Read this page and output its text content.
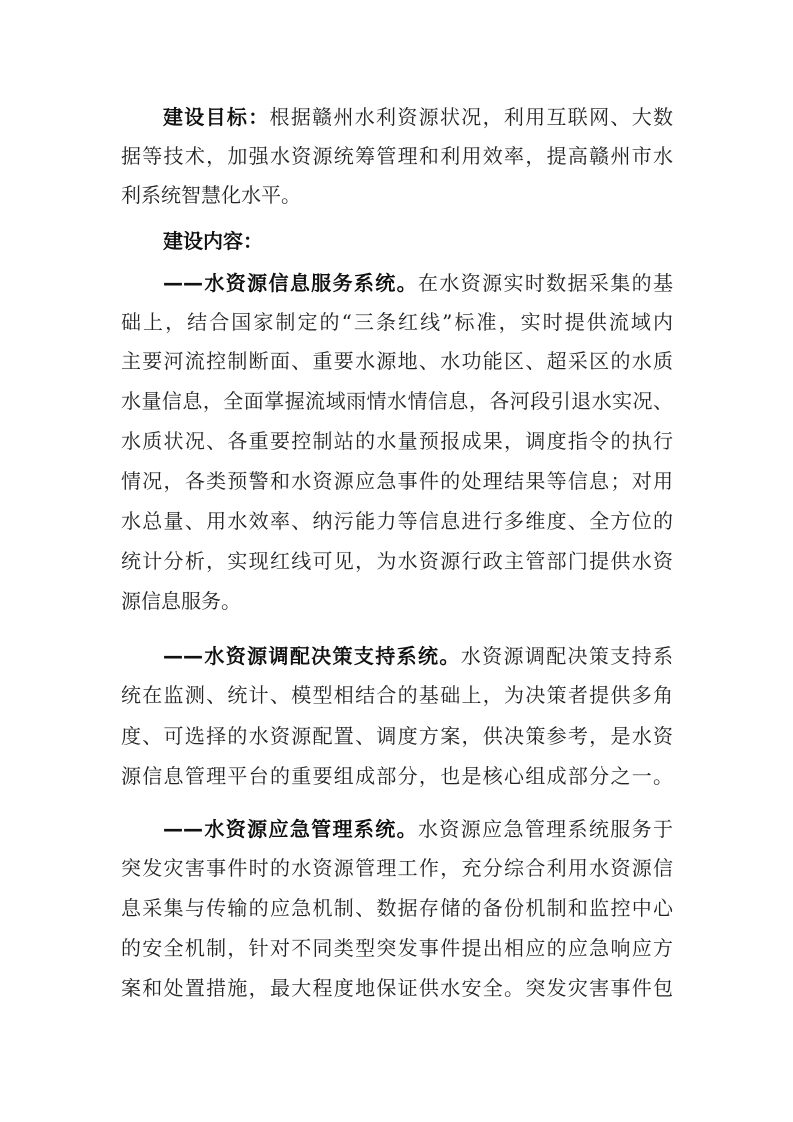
建设目标：根据赣州水利资源状况，利用互联网、大数
据等技术，加强水资源统筹管理和利用效率，提高赣州市水
利系统智慧化水平。
建设内容：
——水资源信息服务系统。在水资源实时数据采集的基
础上，结合国家制定的“三条红线”标准，实时提供流域内
主要河流控制断面、重要水源地、水功能区、超采区的水质
水量信息，全面掌握流域雨情水情信息，各河段引退水实况、
水质状况、各重要控制站的水量预报成果，调度指令的执行
情况，各类预警和水资源应急事件的处理结果等信息；对用
水总量、用水效率、纳污能力等信息进行多维度、全方位的
统计分析，实现红线可见，为水资源行政主管部门提供水资
源信息服务。
——水资源调配决策支持系统。水资源调配决策支持系
统在监测、统计、模型相结合的基础上，为决策者提供多角
度、可选择的水资源配置、调度方案，供决策参考，是水资
源信息管理平台的重要组成部分，也是核心组成部分之一。
——水资源应急管理系统。水资源应急管理系统服务于
突发灾害事件时的水资源管理工作，充分综合利用水资源信
息采集与传输的应急机制、数据存储的备份机制和监控中心
的安全机制，针对不同类型突发事件提出相应的应急响应方
案和处置措施，最大程度地保证供水安全。突发灾害事件包
